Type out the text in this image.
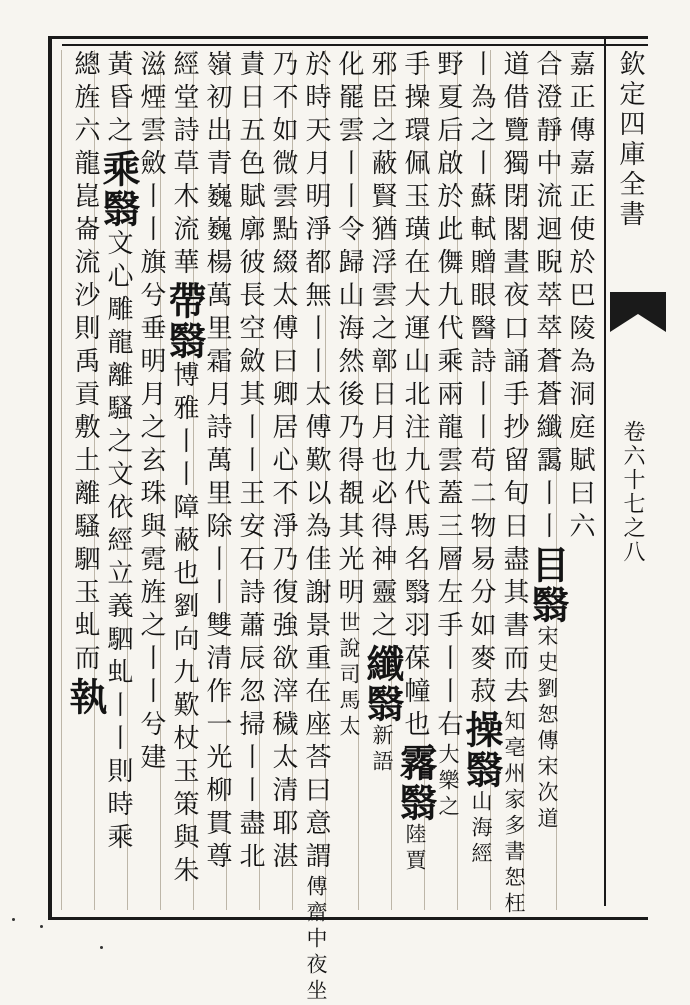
欽定四庫全書
卷六十七之八
嘉正傳嘉正使於巴陵為洞庭賦曰六
合澄靜中流迴睨萃萃蒼蒼纖靄丨丨目翳宋史劉恕傳宋次道
道借覽獨閉閣晝夜口誦手抄留旬日盡其書而去知亳州家多書恕枉
丨為之丨蘇軾贈眼醫詩丨丨苟二物易分如麥菽操翳山海經
野夏后啟於此儛九代乘兩龍雲蓋三層左手丨丨右大樂之
手操環佩玉璜在大運山北注九代馬名翳羽葆幢也霿翳陸賈
邪臣之蔽賢猶浮雲之鄣日月也必得神靈之纖翳新語
化罷雲丨丨令歸山海然後乃得覩其光明世說司馬太
於時天月明淨都無丨丨太傅歎以為佳謝景重在座荅曰意謂傅齋中夜坐
乃不如微雲點綴太傅曰卿居心不淨乃復強欲滓穢太清耶湛
責日五色賦廓彼長空斂其丨丨王安石詩蕭辰忽掃丨丨盡北
嶺初出青巍巍楊萬里霜月詩萬里除丨丨雙清作一光柳貫尊
經堂詩草木流華帶翳博雅丨丨障蔽也劉向九歎杖玉策與朱
滋煙雲斂丨丨旗兮垂明月之玄珠與霓旌之丨丨兮建
黃昏之乘翳文心雕龍離騷之文依經立義駟虬丨丨則時乘
總旌六龍崑崙流沙則禹貢敷土離騷駟玉虬而執
